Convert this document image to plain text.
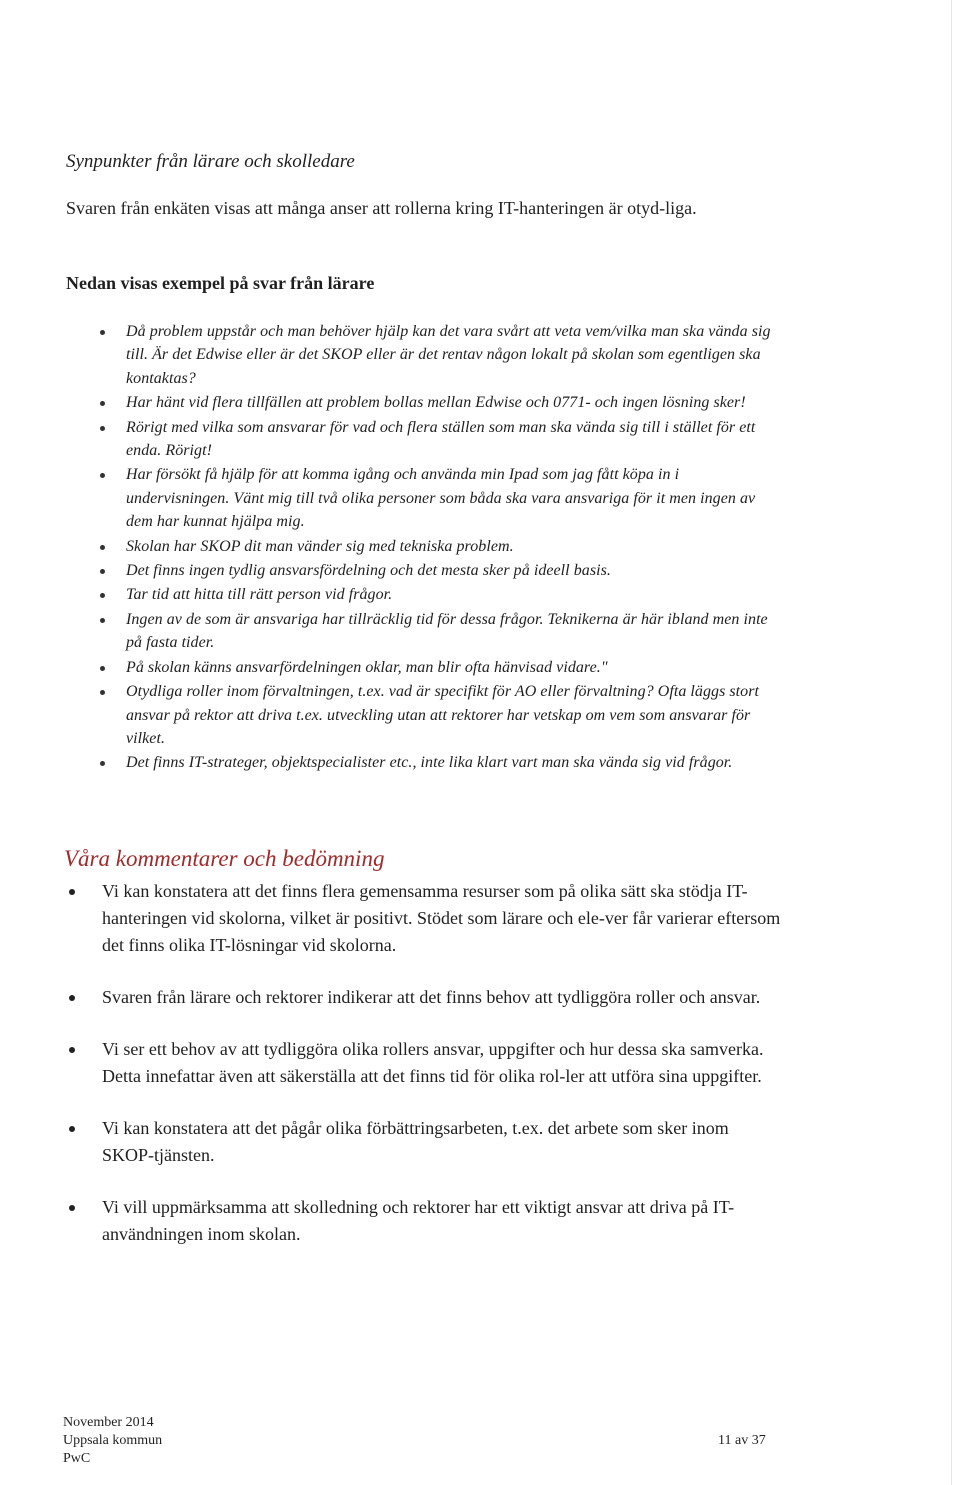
Synpunkter från lärare och skolledare
Svaren från enkäten visas att många anser att rollerna kring IT-hanteringen är otyd-liga.
Nedan visas exempel på svar från lärare
Då problem uppstår och man behöver hjälp kan det vara svårt att veta vem/vilka man ska vända sig till. Är det Edwise eller är det SKOP eller är det rentav någon lokalt på skolan som egentligen ska kontaktas?
Har hänt vid flera tillfällen att problem bollas mellan Edwise och 0771- och ingen lösning sker!
Rörigt med vilka som ansvarar för vad och flera ställen som man ska vända sig till i stället för ett enda. Rörigt!
Har försökt få hjälp för att komma igång och använda min Ipad som jag fått köpa in i undervisningen. Vänt mig till två olika personer som båda ska vara ansvariga för it men ingen av dem har kunnat hjälpa mig.
Skolan har SKOP dit man vänder sig med tekniska problem.
Det finns ingen tydlig ansvarsfördelning och det mesta sker på ideell basis.
Tar tid att hitta till rätt person vid frågor.
Ingen av de som är ansvariga har tillräcklig tid för dessa frågor. Teknikerna är här ibland men inte på fasta tider.
På skolan känns ansvarfördelningen oklar, man blir ofta hänvisad vidare."
Otydliga roller inom förvaltningen, t.ex. vad är specifikt för AO eller förvaltning? Ofta läggs stort ansvar på rektor att driva t.ex. utveckling utan att rektorer har vetskap om vem som ansvarar för vilket.
Det finns IT-strateger, objektspecialister etc., inte lika klart vart man ska vända sig vid frågor.
Våra kommentarer och bedömning
Vi kan konstatera att det finns flera gemensamma resurser som på olika sätt ska stödja IT-hanteringen vid skolorna, vilket är positivt. Stödet som lärare och ele-ver får varierar eftersom det finns olika IT-lösningar vid skolorna.
Svaren från lärare och rektorer indikerar att det finns behov att tydliggöra roller och ansvar.
Vi ser ett behov av att tydliggöra olika rollers ansvar, uppgifter och hur dessa ska samverka. Detta innefattar även att säkerställa att det finns tid för olika rol-ler att utföra sina uppgifter.
Vi kan konstatera att det pågår olika förbättringsarbeten, t.ex. det arbete som sker inom SKOP-tjänsten.
Vi vill uppmärksamma att skolledning och rektorer har ett viktigt ansvar att driva på IT-användningen inom skolan.
November 2014
Uppsala kommun
PwC
11 av 37
